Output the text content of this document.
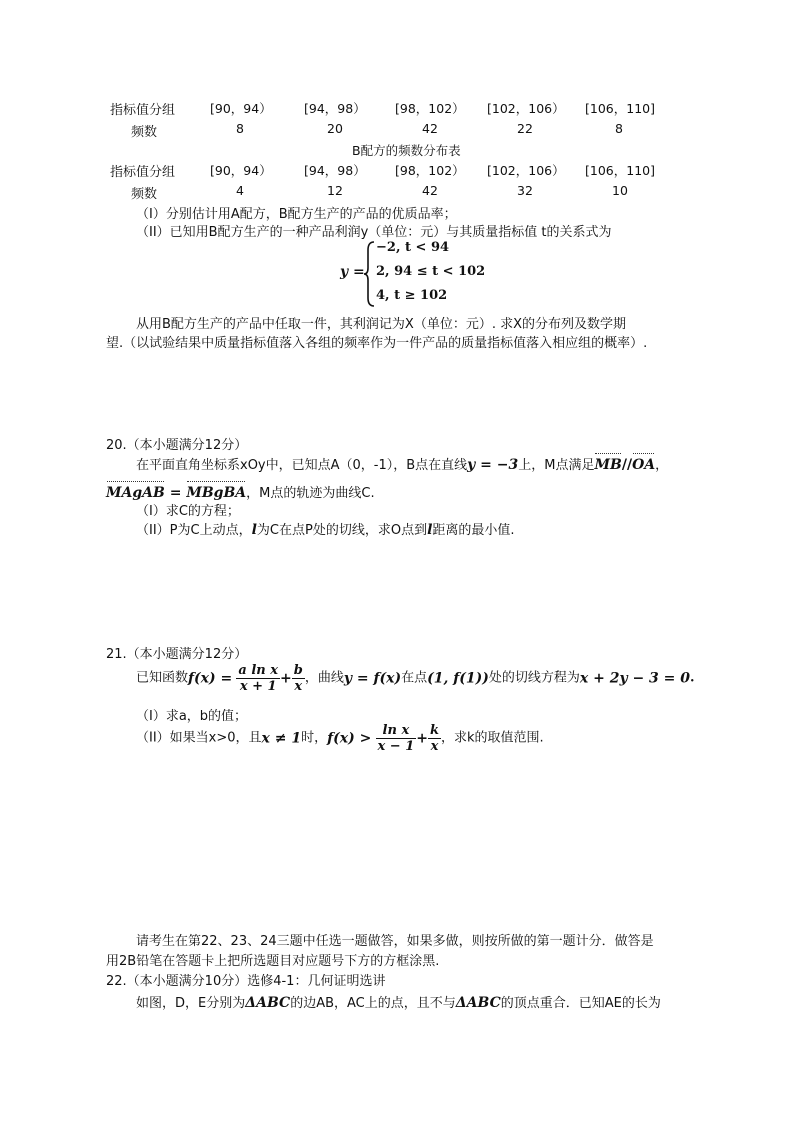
指标值分组	[90，94）	[94，98） [98，102） [102，106） [106，110]
频数	8	20	42	22	8
B配方的频数分布表
指标值分组	[90，94）	[94，98） [98，102） [102，106） [106，110]
频数	4	12	42	32	10
（I）分别估计用A配方，B配方生产的产品的优质品率；
（II）已知用B配方生产的一种产品利润y（单位：元）与其质量指标值 t的关系式为
y =
−2, t < 94
2, 94 ≤ t < 102
4, t ≥ 102
从用B配方生产的产品中任取一件，其利润记为X（单位：元）. 求X的分布列及数学期
望.（以试验结果中质量指标值落入各组的频率作为一件产品的质量指标值落入相应组的概率）.
20.（本小题满分12分）
在平面直角坐标系xOy中，已知点A（0，-1），B点在直线y = −3上，M点满足MB//OA，
MAgAB = MBgBA，M点的轨迹为曲线C.
（I）求C的方程；
（II）P为C上动点，l为C在点P处的切线，求O点到l距离的最小值.
21.（本小题满分12分）
已知函数$f(x) = \frac{\text{a ln x}}{x + 1} + \frac{b}{x}$ ，曲线y = f(x)在点(1, f(1))处的切线方程为x + 2y − 3 = 0.
（I）求a，b的值；
（II）如果当x>0，且x ≠ 1时，$f(x) > \frac{\text{ln x}}{x - 1} + \frac{k}{x}$ ，求k的取值范围.
请考生在第22、23、24三题中任选一题做答，如果多做，则按所做的第一题计分．做答是
用2B铅笔在答题卡上把所选题目对应题号下方的方框涂黑.
22.（本小题满分10分）选修4-1：几何证明选讲
如图，D，E分别为ΔABC的边AB，AC上的点，且不与ΔABC的顶点重合．已知AE的长为
